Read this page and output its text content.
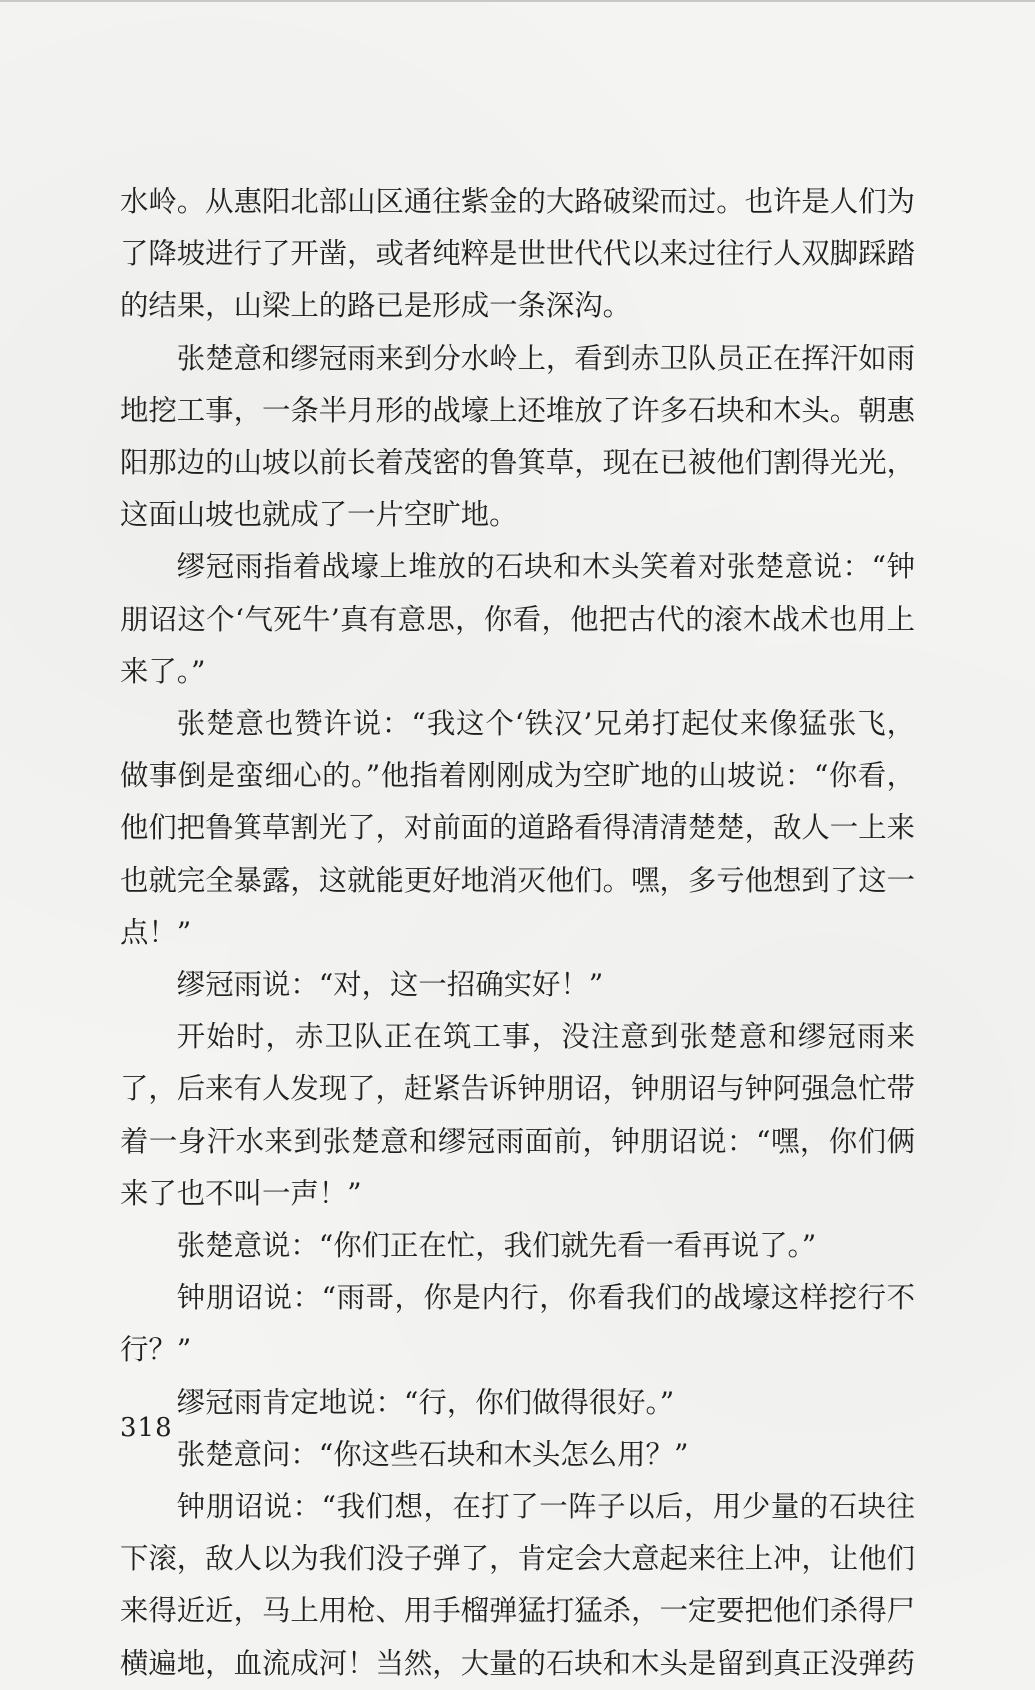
水岭。从惠阳北部山区通往紫金的大路破梁而过。也许是人们为了降坡进行了开凿，或者纯粹是世世代代以来过往行人双脚踩踏的结果，山梁上的路已是形成一条深沟。

张楚意和缪冠雨来到分水岭上，看到赤卫队员正在挥汗如雨地挖工事，一条半月形的战壕上还堆放了许多石块和木头。朝惠阳那边的山坡以前长着茂密的鲁箕草，现在已被他们割得光光，这面山坡也就成了一片空旷地。

缪冠雨指着战壕上堆放的石块和木头笑着对张楚意说：“钟朋诏这个‘气死牛’真有意思，你看，他把古代的滚木战术也用上来了。”

张楚意也赞许说：“我这个‘铁汉’兄弟打起仗来像猛张飞，做事倒是蛮细心的。”他指着刚刚成为空旷地的山坡说：“你看，他们把鲁箕草割光了，对前面的道路看得清清楚楚，敌人一上来也就完全暴露，这就能更好地消灭他们。嘿，多亏他想到了这一点！”

缪冠雨说：“对，这一招确实好！”

开始时，赤卫队正在筑工事，没注意到张楚意和缪冠雨来了，后来有人发现了，赶紧告诉钟朋诏，钟朋诏与钟阿强急忙带着一身汗水来到张楚意和缪冠雨面前，钟朋诏说：“嘿，你们俩来了也不叫一声！”

张楚意说：“你们正在忙，我们就先看一看再说了。”

钟朋诏说：“雨哥，你是内行，你看我们的战壕这样挖行不行？”

缪冠雨肯定地说：“行，你们做得很好。”

张楚意问：“你这些石块和木头怎么用？”

钟朋诏说：“我们想，在打了一阵子以后，用少量的石块往下滚，敌人以为我们没子弹了，肯定会大意起来往上冲，让他们来得近近，马上用枪、用手榴弹猛打猛杀，一定要把他们杀得尸横遍地，血流成河！当然，大量的石块和木头是留到真正没弹药

318
